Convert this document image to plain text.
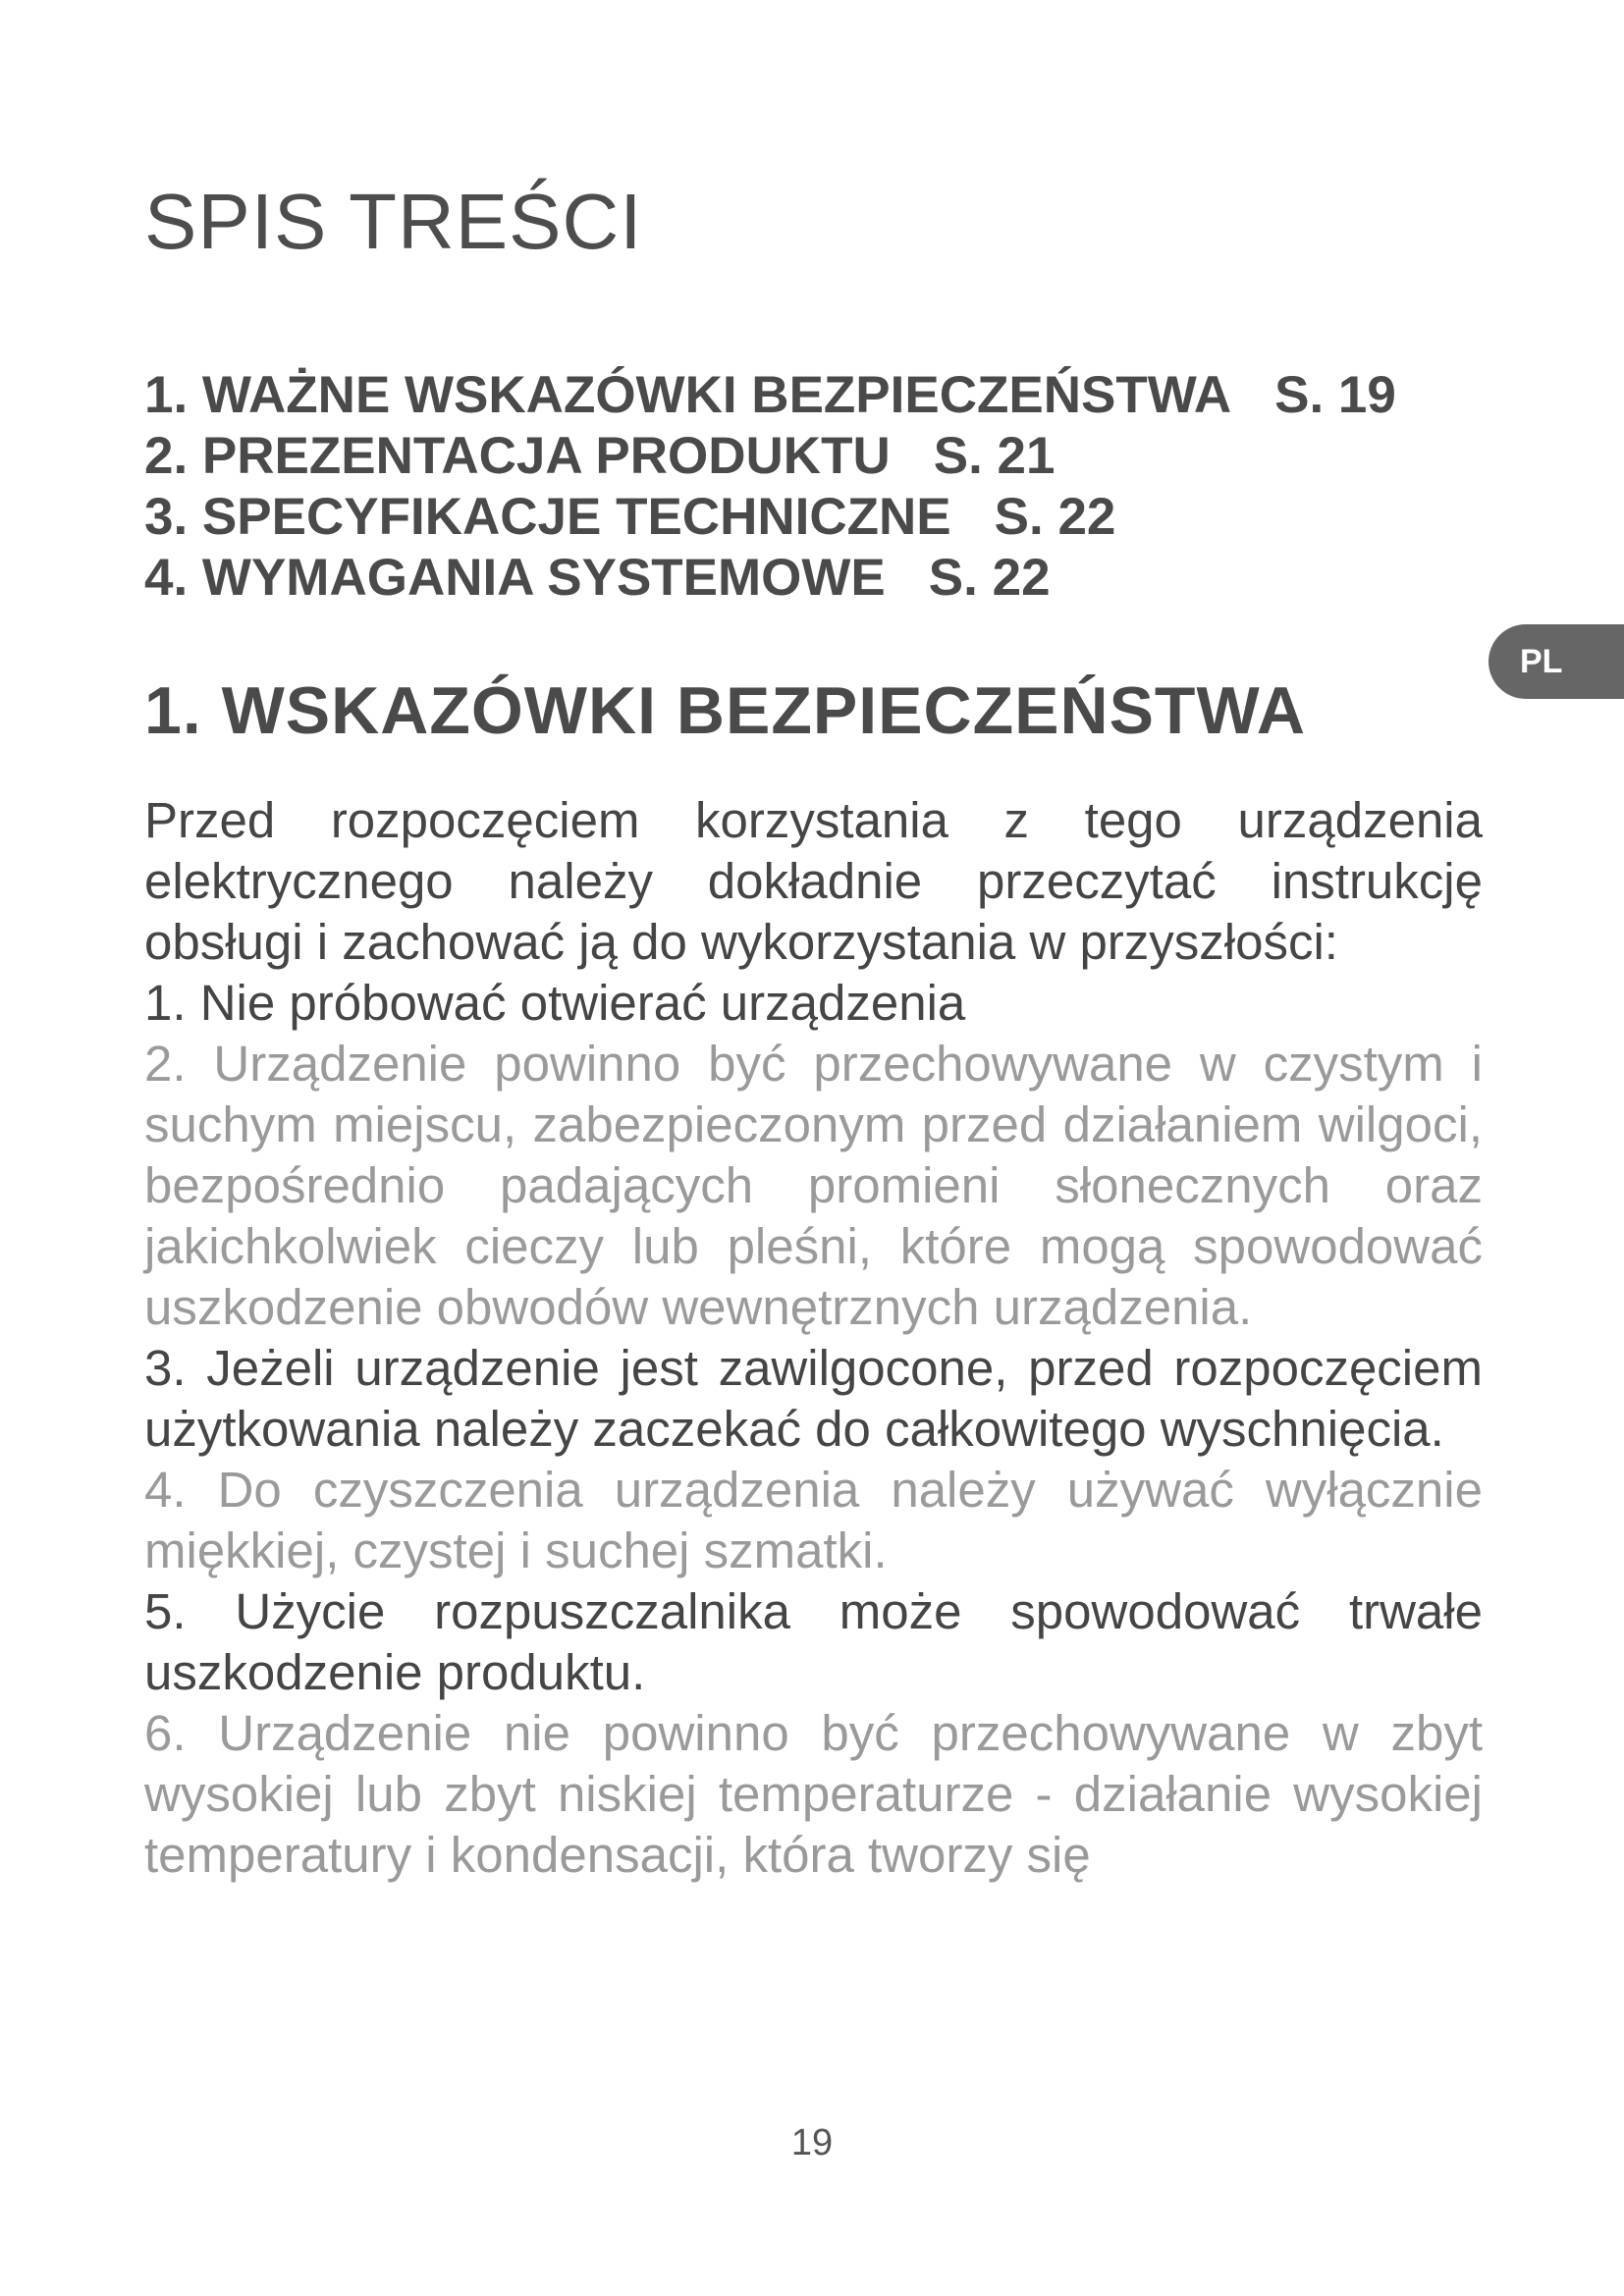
SPIS TREŚCI
1. WAŻNE WSKAZÓWKI BEZPIECZEŃSTWA S. 19
2. PREZENTACJA PRODUKTU S. 21
3. SPECYFIKACJE TECHNICZNE S. 22
4. WYMAGANIA SYSTEMOWE S. 22
PL
1. WSKAZÓWKI BEZPIECZEŃSTWA

Przed rozpoczęciem korzystania z tego urządzenia elektrycznego należy dokładnie przeczytać instrukcję obsługi i zachować ją do wykorzystania w przyszłości:

1. Nie próbować otwierać urządzenia

2. Urządzenie powinno być przechowywane w czystym i suchym miejscu, zabezpieczonym przed działaniem wilgoci, bezpośrednio padających promieni słonecznych oraz jakichkolwiek cieczy lub pleśni, które mogą spowodować uszkodzenie obwodów wewnętrznych urządzenia.

3. Jeżeli urządzenie jest zawilgocone, przed rozpoczęciem użytkowania należy zaczekać do całkowitego wyschnięcia.

4. Do czyszczenia urządzenia należy używać wyłącznie miękkiej, czystej i suchej szmatki.

5. Użycie rozpuszczalnika może spowodować trwałe uszkodzenie produktu.

6. Urządzenie nie powinno być przechowywane w zbyt wysokiej lub zbyt niskiej temperaturze - działanie wysokiej temperatury i kondensacji, która tworzy się

19
